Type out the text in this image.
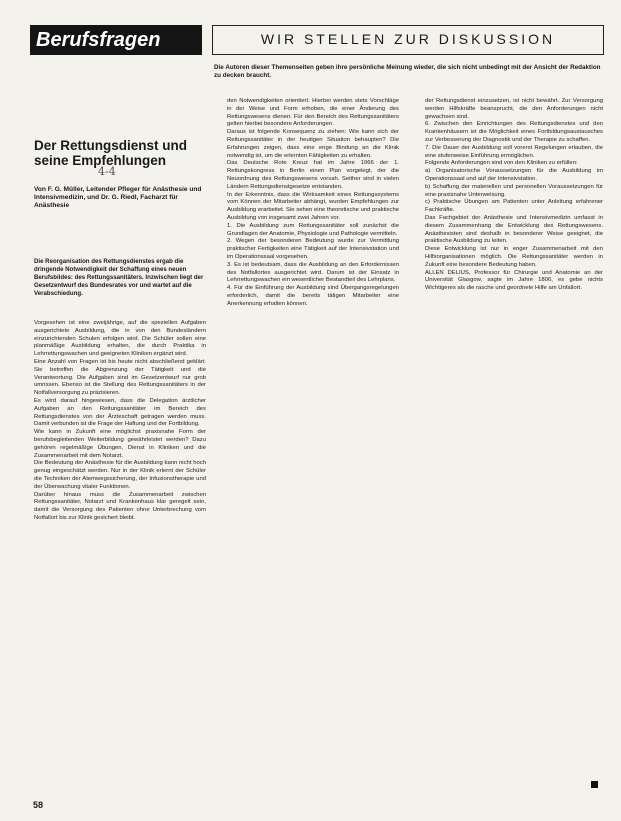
Berufsfragen	WIR STELLEN ZUR DISKUSSION
Die Autoren dieser Themenseiten geben ihre persönliche Meinung wieder, die sich nicht unbedingt mit der Ansicht der Redaktion zu decken braucht.
Der Rettungsdienst und seine Empfehlungen
4-4
Von F. G. Müller, Leitender Pfleger für Anästhesie und Intensivmedizin, und Dr. G. Riedl, Facharzt für Anästhesie
Die Reorganisation des Rettungsdienstes ergab die dringende Notwendigkeit der Schaffung eines neuen Berufsbildes: des Rettungssanitäters. Inzwischen liegt der Gesetzentwurf des Bundesrates vor und wartet auf die Verabschiedung.

Vorgesehen ist eine zweijährige, auf die speziellen Aufgaben ausgerichtete Ausbildung, die in von den Bundesländern einzurichtenden Schulen erfolgen wird. Die Schüler sollen eine planmäßige Ausbildung erhalten, die durch Praktika in Lehrrettungswachen und geeigneten Kliniken ergänzt wird.

Eine Anzahl von Fragen ist bis heute nicht abschließend geklärt. Sie betreffen die Abgrenzung der Tätigkeit und die Verantwortung. Die Aufgaben sind im Gesetzentwurf nur grob umrissen. Ebenso ist die Stellung des Rettungssanitäters in der Notfallversorgung zu präzisieren.

Es wird darauf hingewiesen, dass die Delegation ärztlicher Aufgaben an den Rettungssanitäter im Bereich des Rettungsdienstes von der Ärzteschaft getragen werden muss. Damit verbunden ist die Frage der Haftung und der Fortbildung.

Wie kann in Zukunft eine möglichst praxisnahe Form der berufsbegleitenden Weiterbildung gewährleistet werden? Dazu gehören regelmäßige Übungen, Dienst in Kliniken und die Zusammenarbeit mit dem Notarzt.

Die Bedeutung der Anästhesie für die Ausbildung kann nicht hoch genug eingeschätzt werden. Nur in der Klinik erlernt der Schüler die Techniken der Atemwegssicherung, der Infusionstherapie und der Überwachung vitaler Funktionen.

Darüber hinaus muss die Zusammenarbeit zwischen Rettungssanitäter, Notarzt und Krankenhaus klar geregelt sein, damit die Versorgung des Patienten ohne Unterbrechung vom Notfallort bis zur Klinik gesichert bleibt.

den Notwendigkeiten orientiert. Hierbei werden stets Vorschläge in der Weise und Form erhoben, die einer Änderung des Rettungswesens dienen. Für den Bereich des Rettungssanitäters gelten hierbei besondere Anforderungen.

Daraus ist folgende Konsequenz zu ziehen: Wie kann sich der Rettungssanitäter in der heutigen Situation behaupten? Die Erfahrungen zeigen, dass eine enge Bindung an die Klinik notwendig ist, um die erlernten Fähigkeiten zu erhalten.

Das Deutsche Rote Kreuz hat im Jahre 1966 der 1. Rettungskongress in Berlin einen Plan vorgelegt, der die Neuordnung des Rettungswesens vorsah. Seither sind in vielen Ländern Rettungsdienstgesetze entstanden.

In der Erkenntnis, dass die Wirksamkeit eines Rettungssystems vom Können der Mitarbeiter abhängt, wurden Empfehlungen zur Ausbildung erarbeitet. Sie sehen eine theoretische und praktische Ausbildung von insgesamt zwei Jahren vor.

1. Die Ausbildung zum Rettungssanitäter soll zunächst die Grundlagen der Anatomie, Physiologie und Pathologie vermitteln.

2. Wegen der besonderen Bedeutung wurde zur Vermittlung praktischer Fertigkeiten eine Tätigkeit auf der Intensivstation und im Operationssaal vorgesehen.

3. Es ist bedeutsam, dass die Ausbildung an den Erfordernissen des Notfallortes ausgerichtet wird. Darum ist der Einsatz in Lehrrettungswachen ein wesentlicher Bestandteil des Lehrplans.

4. Für die Einführung der Ausbildung sind Übergangsregelungen erforderlich, damit die bereits tätigen Mitarbeiter eine Anerkennung erhalten können.

der Rettungsdienst einzusetzen, ist nicht bewährt. Zur Versorgung werden Hilfskräfte beansprucht, die den Anforderungen nicht gewachsen sind.

6. Zwischen den Einrichtungen des Rettungsdienstes und den Krankenhäusern ist die Möglichkeit eines Fortbildungsaustausches zur Verbesserung der Diagnostik und der Therapie zu schaffen.

7. Die Dauer der Ausbildung soll vorerst Regelungen erlauben, die eine stufenweise Einführung ermöglichen.

Folgende Anforderungen sind von den Kliniken zu erfüllen:

a) Organisatorische Voraussetzungen für die Ausbildung im Operationssaal und auf der Intensivstation.

b) Schaffung der materiellen und personellen Voraussetzungen für eine praxisnahe Unterweisung.

c) Praktische Übungen am Patienten unter Anleitung erfahrener Fachkräfte.

Das Fachgebiet der Anästhesie und Intensivmedizin umfasst in diesem Zusammenhang die Entwicklung des Rettungswesens. Anästhesisten sind deshalb in besonderer Weise geeignet, die praktische Ausbildung zu leiten.

Diese Entwicklung ist nur in enger Zusammenarbeit mit den Hilfsorganisationen möglich. Die Rettungssanitäter werden in Zukunft eine besondere Bedeutung haben.

ALLEN DELIUS, Professor für Chirurgie und Anatomie an der Universität Glasgow, sagte im Jahre 1806, es gebe nichts Wichtigeres als die rasche und geordnete Hilfe am Unfallort.

58
